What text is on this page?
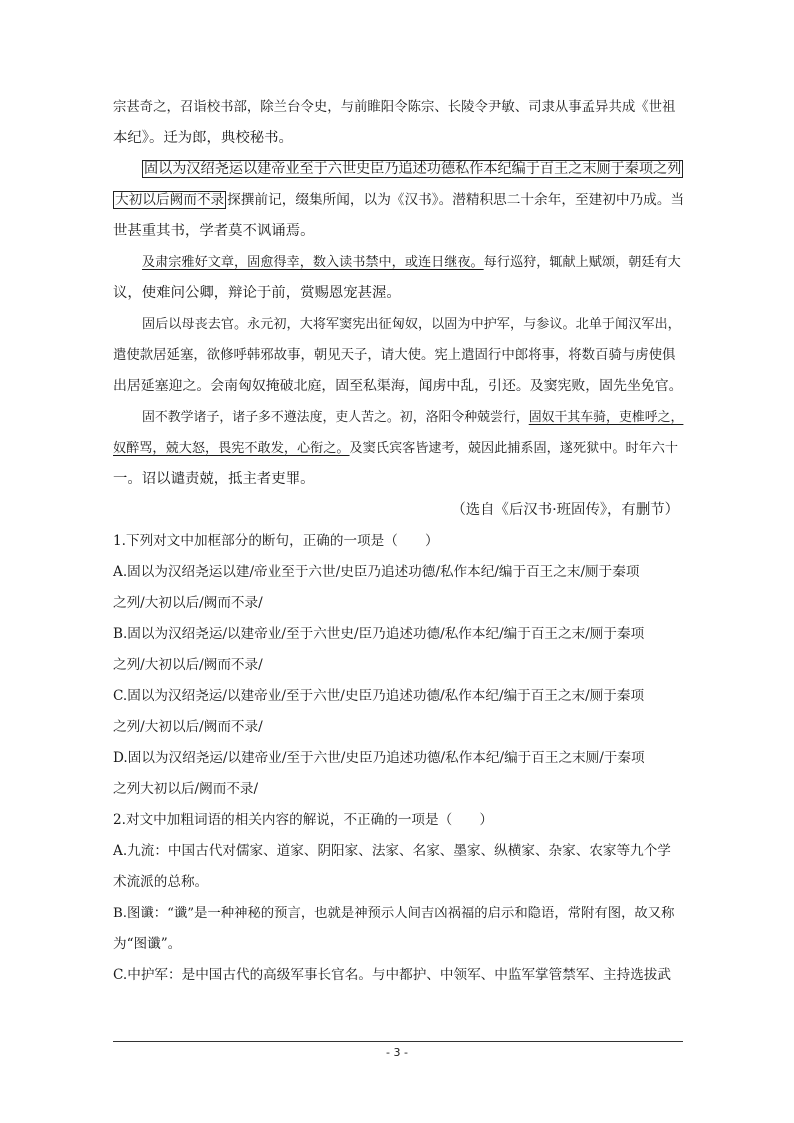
宗甚奇之，召诣校书部，除兰台令史，与前睢阳令陈宗、长陵令尹敏、司隶从事孟异共成《世祖
本纪》。迁为郎，典校秘书。
固以为汉绍尧运以建帝业至于六世史臣乃追述功德私作本纪编于百王之末厕于秦项之列
大初以后阙而不录 探撰前记，缀集所闻，以为《汉书》。潜精积思二十余年，至建初中乃成。当
世甚重其书，学者莫不讽诵焉。
及肃宗雅好文章，固愈得幸，数入读书禁中，或连日继夜。每行巡狩，辄献上赋颂，朝廷有大
议，使难问公卿，辩论于前，赏赐恩宠甚渥。
固后以母丧去官。永元初，大将军窦宪出征匈奴，以固为中护军，与参议。北单于闻汉军出，
遣使款居延塞，欲修呼韩邪故事，朝见天子，请大使。宪上遣固行中郎将事，将数百骑与虏使俱
出居延塞迎之。会南匈奴掩破北庭，固至私渠海，闻虏中乱，引还。及窦宪败，固先坐免官。
固不教学诸子，诸子多不遵法度，吏人苦之。初，洛阳令种兢尝行，固奴干其车骑，吏椎呼之，
奴醉骂，兢大怒，畏宪不敢发，心衔之。及窦氏宾客皆逮考，兢因此捕系固，遂死狱中。时年六十
一。诏以谴责兢，抵主者吏罪。
（选自《后汉书·班固传》，有删节）
1.下列对文中加框部分的断句，正确的一项是（　　）
A.固以为汉绍尧运以建/帝业至于六世/史臣乃追述功德/私作本纪/编于百王之末/厕于秦项
之列/大初以后/阙而不录/
B.固以为汉绍尧运/以建帝业/至于六世史/臣乃追述功德/私作本纪/编于百王之末/厕于秦项
之列/大初以后/阙而不录/
C.固以为汉绍尧运/以建帝业/至于六世/史臣乃追述功德/私作本纪/编于百王之末/厕于秦项
之列/大初以后/阙而不录/
D.固以为汉绍尧运/以建帝业/至于六世/史臣乃追述功德/私作本纪/编于百王之末厕/于秦项
之列大初以后/阙而不录/
2.对文中加粗词语的相关内容的解说，不正确的一项是（　　）
A.九流：中国古代对儒家、道家、阴阳家、法家、名家、墨家、纵横家、杂家、农家等九个学
术流派的总称。
B.图谶：“谶”是一种神秘的预言，也就是神预示人间吉凶祸福的启示和隐语，常附有图，故又称
为“图谶”。
C.中护军：是中国古代的高级军事长官名。与中都护、中领军、中监军掌管禁军、主持选拔武
- 3 -
